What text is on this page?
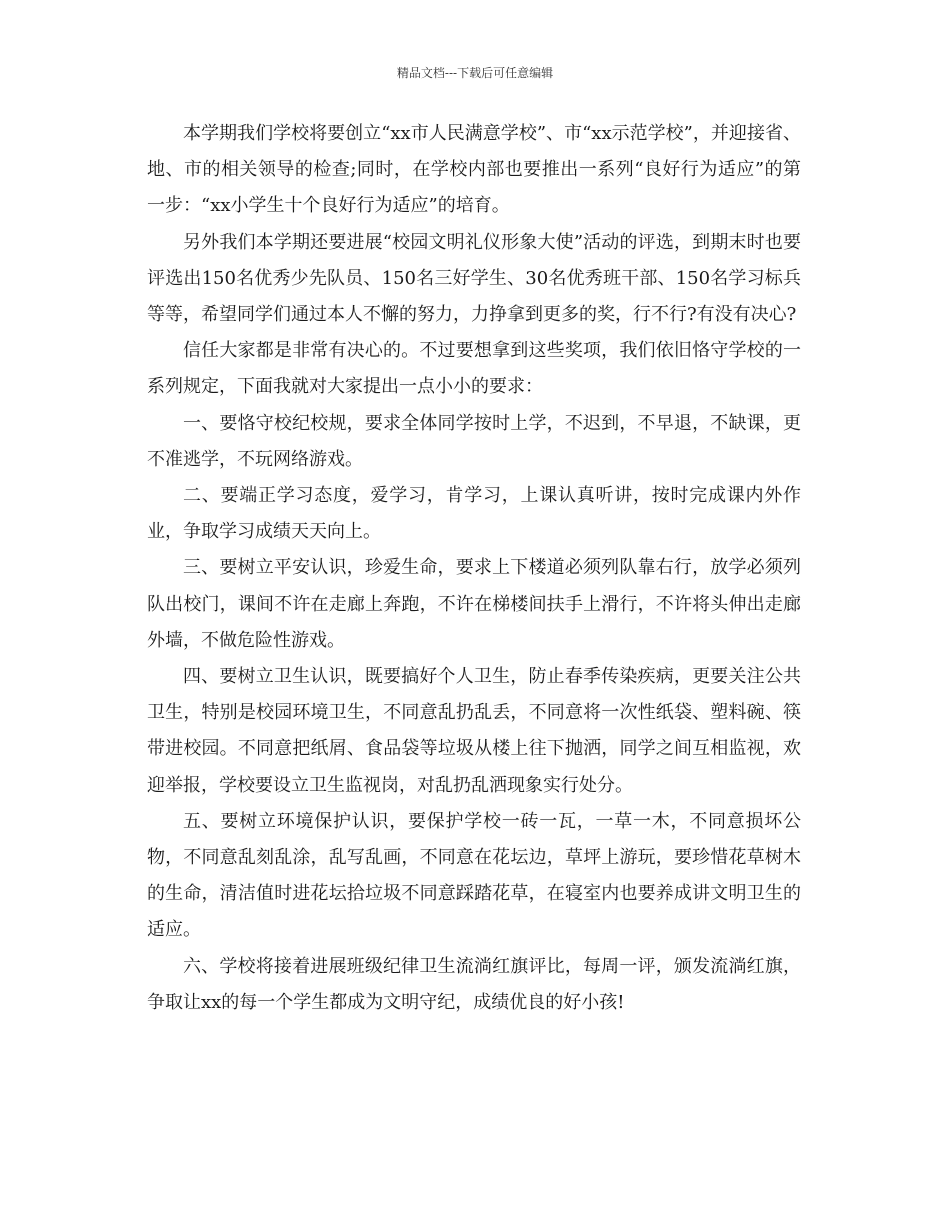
精品文档---下载后可任意编辑

本学期我们学校将要创立“xx市人民满意学校”、市“xx示范学校”，并迎接省、地、市的相关领导的检查;同时，在学校内部也要推出一系列“良好行为适应”的第一步：“xx小学生十个良好行为适应”的培育。

另外我们本学期还要进展“校园文明礼仪形象大使”活动的评选，到期末时也要评选出150名优秀少先队员、150名三好学生、30名优秀班干部、150名学习标兵等等，希望同学们通过本人不懈的努力，力挣拿到更多的奖，行不行?有没有决心?

信任大家都是非常有决心的。不过要想拿到这些奖项，我们依旧恪守学校的一系列规定，下面我就对大家提出一点小小的要求：

一、要恪守校纪校规，要求全体同学按时上学，不迟到，不早退，不缺课，更不准逃学，不玩网络游戏。

二、要端正学习态度，爱学习，肯学习，上课认真听讲，按时完成课内外作业，争取学习成绩天天向上。

三、要树立平安认识，珍爱生命，要求上下楼道必须列队靠右行，放学必须列队出校门，课间不许在走廊上奔跑，不许在梯楼间扶手上滑行，不许将头伸出走廊外墙，不做危险性游戏。

四、要树立卫生认识，既要搞好个人卫生，防止春季传染疾病，更要关注公共卫生，特别是校园环境卫生，不同意乱扔乱丢，不同意将一次性纸袋、塑料碗、筷带进校园。不同意把纸屑、食品袋等垃圾从楼上往下抛洒，同学之间互相监视，欢迎举报，学校要设立卫生监视岗，对乱扔乱洒现象实行处分。

五、要树立环境保护认识，要保护学校一砖一瓦，一草一木，不同意损坏公物，不同意乱刻乱涂，乱写乱画，不同意在花坛边，草坪上游玩，要珍惜花草树木的生命，清洁值时进花坛拾垃圾不同意踩踏花草，在寝室内也要养成讲文明卫生的适应。

六、学校将接着进展班级纪律卫生流淌红旗评比，每周一评，颁发流淌红旗，争取让xx的每一个学生都成为文明守纪，成绩优良的好小孩!
